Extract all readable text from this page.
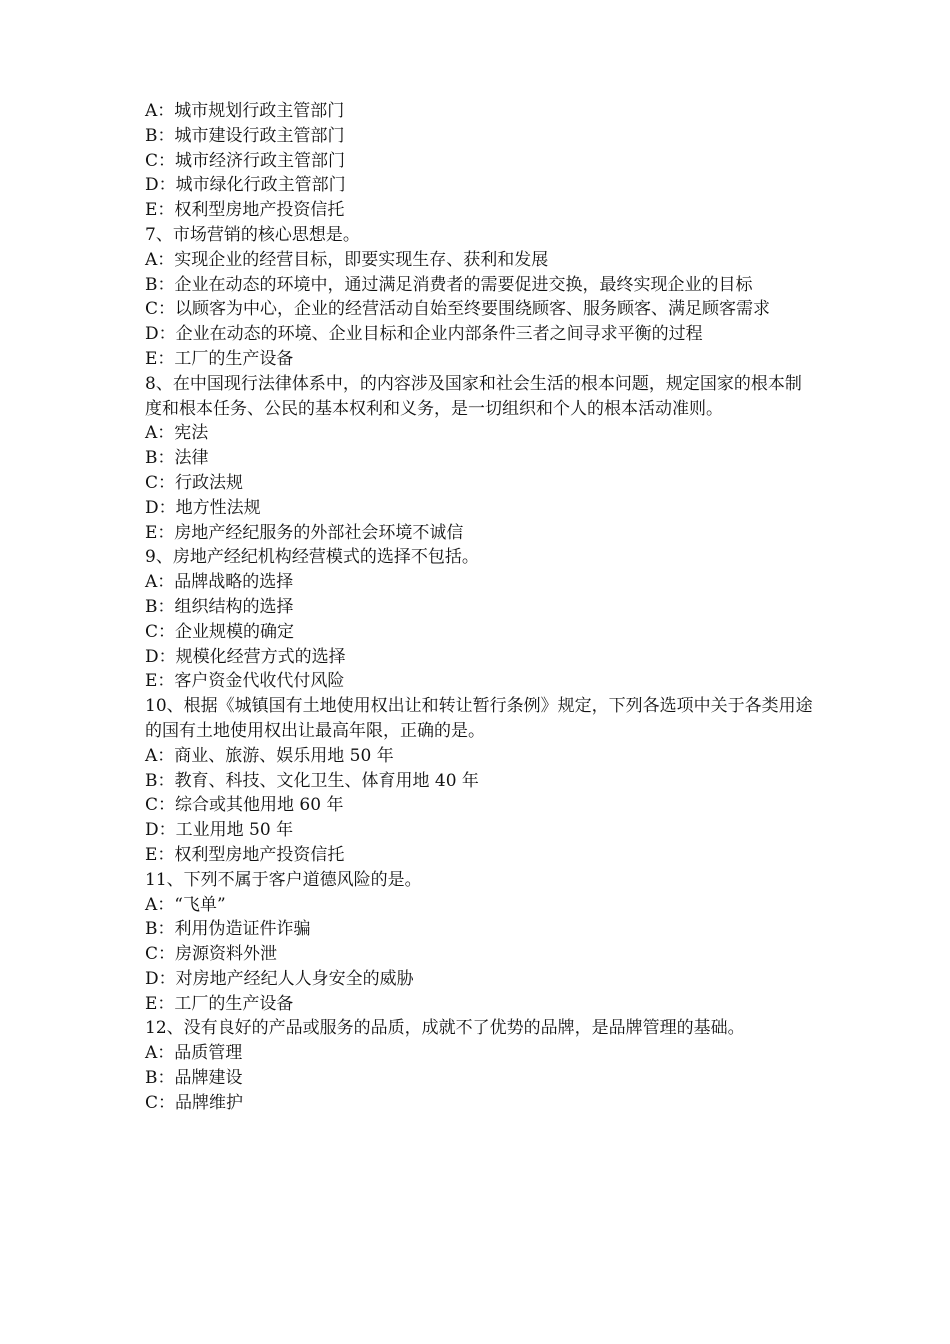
A：城市规划行政主管部门

B：城市建设行政主管部门

C：城市经济行政主管部门

D：城市绿化行政主管部门

E：权利型房地产投资信托

7、市场营销的核心思想是。

A：实现企业的经营目标，即要实现生存、获利和发展

B：企业在动态的环境中，通过满足消费者的需要促进交换，最终实现企业的目标

C：以顾客为中心，企业的经营活动自始至终要围绕顾客、服务顾客、满足顾客需求

D：企业在动态的环境、企业目标和企业内部条件三者之间寻求平衡的过程

E：工厂的生产设备

8、在中国现行法律体系中，的内容涉及国家和社会生活的根本问题，规定国家的根本制度和根本任务、公民的基本权利和义务，是一切组织和个人的根本活动准则。

A：宪法

B：法律

C：行政法规

D：地方性法规

E：房地产经纪服务的外部社会环境不诚信

9、房地产经纪机构经营模式的选择不包括。

A：品牌战略的选择

B：组织结构的选择

C：企业规模的确定

D：规模化经营方式的选择

E：客户资金代收代付风险

10、根据《城镇国有土地使用权出让和转让暂行条例》规定，下列各选项中关于各类用途的国有土地使用权出让最高年限，正确的是。

A：商业、旅游、娱乐用地 50 年

B：教育、科技、文化卫生、体育用地 40 年

C：综合或其他用地 60 年

D：工业用地 50 年

E：权利型房地产投资信托

11、下列不属于客户道德风险的是。

A：“飞单”

B：利用伪造证件诈骗

C：房源资料外泄

D：对房地产经纪人人身安全的威胁

E：工厂的生产设备

12、没有良好的产品或服务的品质，成就不了优势的品牌，是品牌管理的基础。

A：品质管理

B：品牌建设

C：品牌维护
